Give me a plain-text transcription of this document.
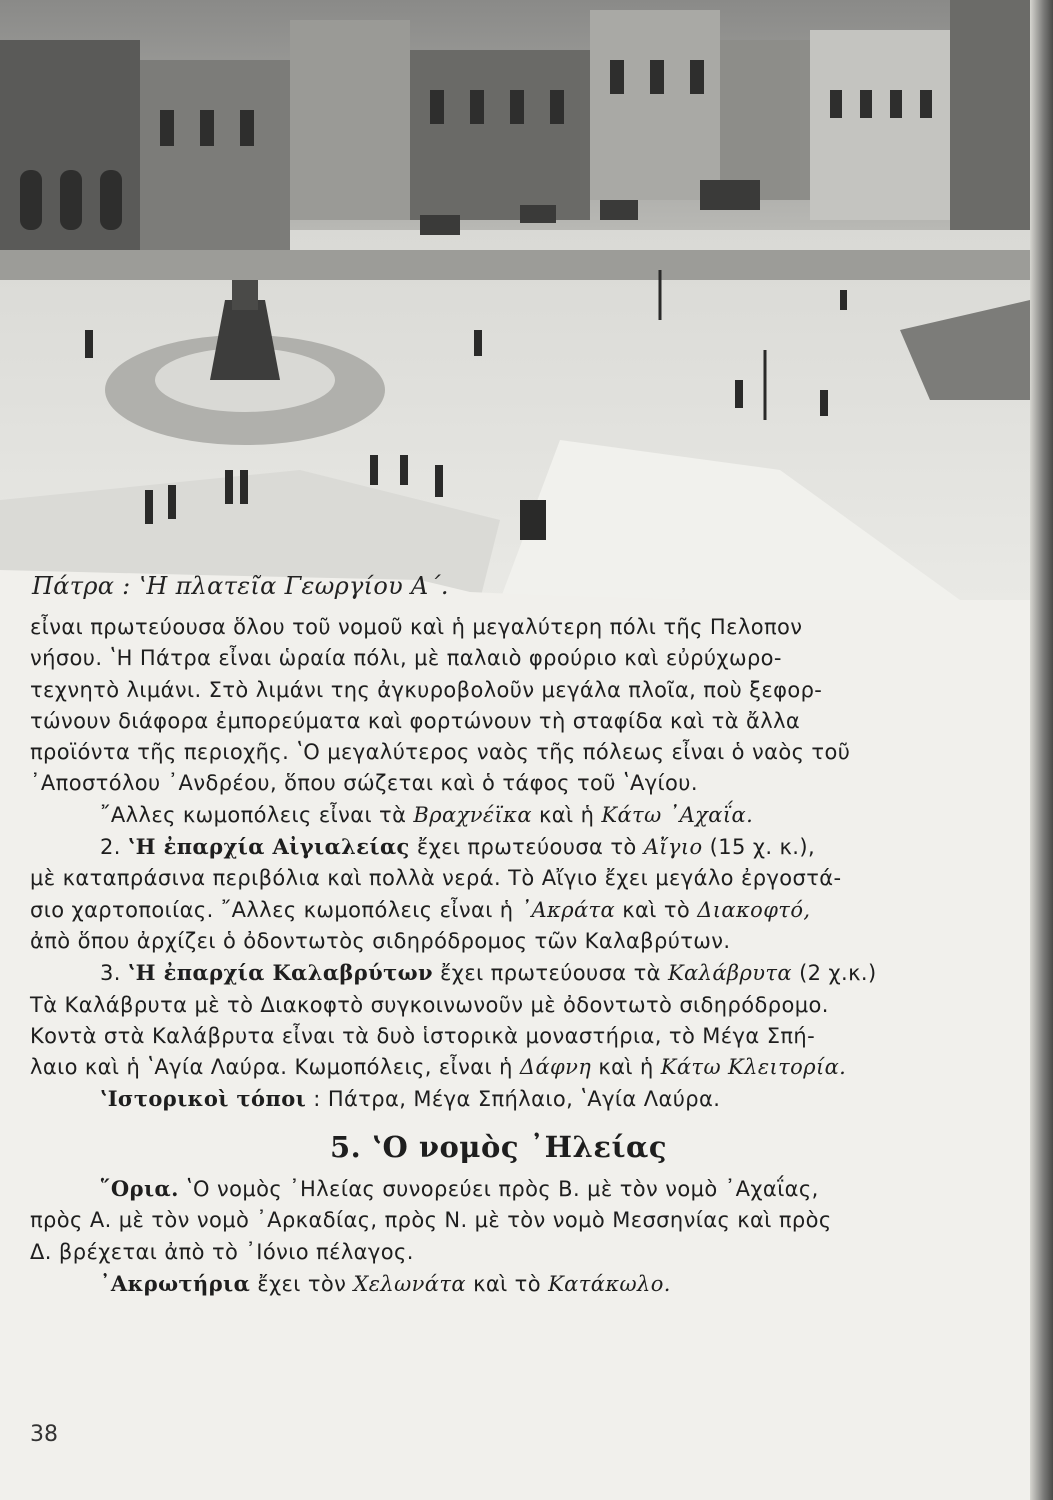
Πάτρα : ʽΗ πλατεῖα Γεωργίου Α΄.

εἶναι πρωτεύουσα ὅλου τοῦ νομοῦ καὶ ἡ μεγαλύτερη πόλι τῆς Πελοπον
νήσου. ʽΗ Πάτρα εἶναι ὡραία πόλι, μὲ παλαιὸ φρούριο καὶ εὐρύχωρο-
τεχνητὸ λιμάνι. Στὸ λιμάνι της ἀγκυροβολοῦν μεγάλα πλοῖα, ποὺ ξεφορ-
τώνουν διάφορα ἐμπορεύματα καὶ φορτώνουν τὴ σταφίδα καὶ τὰ ἄλλα
προϊόντα τῆς περιοχῆς. ʽΟ μεγαλύτερος ναὸς τῆς πόλεως εἶναι ὁ ναὸς τοῦ
᾿Αποστόλου ᾿Ανδρέου, ὅπου σώζεται καὶ ὁ τάφος τοῦ ʽΑγίου.

῎Αλλες κωμοπόλεις εἶναι τὰ Βραχνέϊκα καὶ ἡ Κάτω ᾿Αχαΐα.

2. ʽΗ ἐπαρχία Αἰγιαλείας ἔχει πρωτεύουσα τὸ Αἴγιο (15 χ. κ.),
μὲ καταπράσινα περιβόλια καὶ πολλὰ νερά. Τὸ Αἴγιο ἔχει μεγάλο ἐργοστά-
σιο χαρτοποιίας. ῎Αλλες κωμοπόλεις εἶναι ἡ ᾿Ακράτα καὶ τὸ Διακοφτό,
ἀπὸ ὅπου ἀρχίζει ὁ ὀδοντωτὸς σιδηρόδρομος τῶν Καλαβρύτων.

3. ʽΗ ἐπαρχία Καλαβρύτων ἔχει πρωτεύουσα τὰ Καλάβρυτα (2 χ.κ.)
Τὰ Καλάβρυτα μὲ τὸ Διακοφτὸ συγκοινωνοῦν μὲ ὀδοντωτὸ σιδηρόδρομο.
Κοντὰ στὰ Καλάβρυτα εἶναι τὰ δυὸ ἱστορικὰ μοναστήρια, τὸ Μέγα Σπή-
λαιο καὶ ἡ ʽΑγία Λαύρα. Κωμοπόλεις, εἶναι ἡ Δάφνη καὶ ἡ Κάτω Κλειτορία.

ʽΙστορικοὶ τόποι : Πάτρα, Μέγα Σπήλαιο, ʽΑγία Λαύρα.

5. ʽΟ νομὸς ᾿Ηλείας

῞Ορια. ʽΟ νομὸς ᾿Ηλείας συνορεύει πρὸς Β. μὲ τὸν νομὸ ᾿Αχαΐας,
πρὸς Α. μὲ τὸν νομὸ ᾿Αρκαδίας, πρὸς Ν. μὲ τὸν νομὸ Μεσσηνίας καὶ πρὸς
Δ. βρέχεται ἀπὸ τὸ ᾿Ιόνιο πέλαγος.

᾿Ακρωτήρια ἔχει τὸν Χελωνάτα καὶ τὸ Κατάκωλο.

38
